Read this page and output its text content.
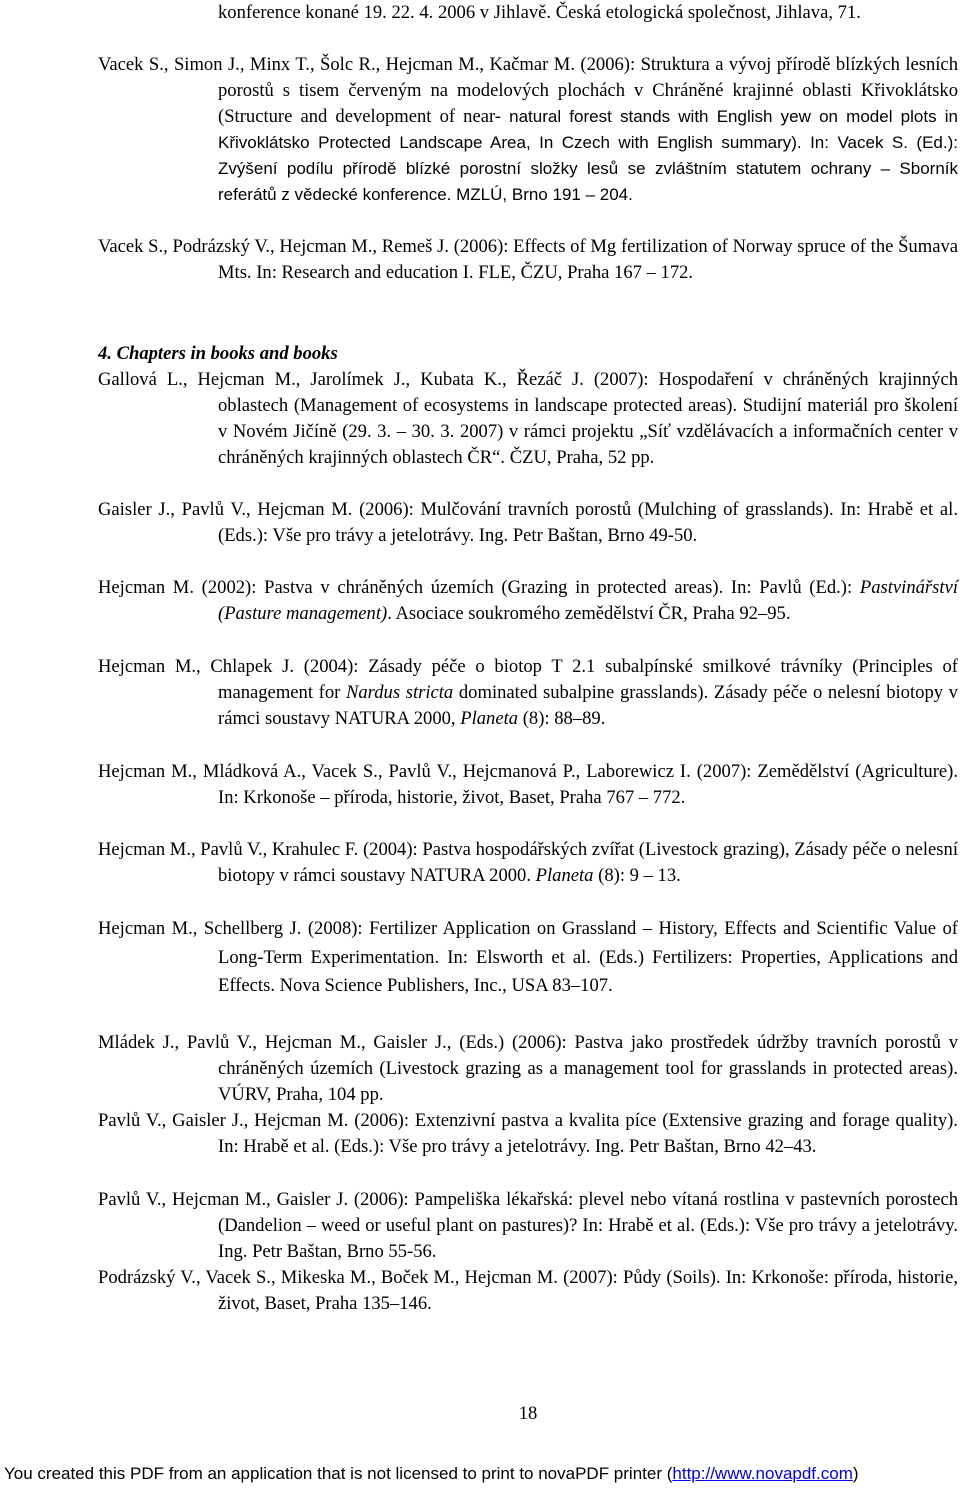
konference konané 19. 22. 4. 2006 v Jihlavě. Česká etologická společnost, Jihlava, 71.
Vacek S., Simon J., Minx T., Šolc R., Hejcman M., Kačmar M. (2006): Struktura a vývoj přírodě blízkých lesních porostů s tisem červeným na modelových plochách v Chráněné krajinné oblasti Křivoklátsko (Structure and development of near- natural forest stands with English yew on model plots in Křivoklátsko Protected Landscape Area, In Czech with English summary). In: Vacek S. (Ed.): Zvýšení podílu přírodě blízké porostní složky lesů se zvláštním statutem ochrany – Sborník referátů z vědecké konference. MZLÚ, Brno 191 – 204.
Vacek S., Podrázský V., Hejcman M., Remeš J. (2006): Effects of Mg fertilization of Norway spruce of the Šumava Mts. In: Research and education I. FLE, ČZU, Praha 167 – 172.
4. Chapters in books and books
Gallová L., Hejcman M., Jarolímek J., Kubata K., Řezáč J. (2007): Hospodaření v chráněných krajinných oblastech (Management of ecosystems in landscape protected areas). Studijní materiál pro školení v Novém Jičíně (29. 3. – 30. 3. 2007) v rámci projektu „Síť vzdělávacích a informačních center v chráněných krajinných oblastech ČR“. ČZU, Praha, 52 pp.
Gaisler J., Pavlů V., Hejcman M. (2006): Mulčování travních porostů (Mulching of grasslands). In: Hrabě et al. (Eds.): Vše pro trávy a jetelotrávy. Ing. Petr Baštan, Brno 49-50.
Hejcman M. (2002): Pastva v chráněných územích (Grazing in protected areas). In: Pavlů (Ed.): Pastvinářství (Pasture management). Asociace soukromého zemědělství ČR, Praha 92–95.
Hejcman M., Chlapek J. (2004): Zásady péče o biotop T 2.1 subalpínské smilkové trávníky (Principles of management for Nardus stricta dominated subalpine grasslands). Zásady péče o nelesní biotopy v rámci soustavy NATURA 2000, Planeta (8): 88–89.
Hejcman M., Mládková A., Vacek S., Pavlů V., Hejcmanová P., Laborewicz I. (2007): Zemědělství (Agriculture). In: Krkonoše – příroda, historie, život, Baset, Praha 767 – 772.
Hejcman M., Pavlů V., Krahulec F. (2004): Pastva hospodářských zvířat (Livestock grazing), Zásady péče o nelesní biotopy v rámci soustavy NATURA 2000. Planeta (8): 9 – 13.
Hejcman M., Schellberg J. (2008): Fertilizer Application on Grassland – History, Effects and Scientific Value of Long-Term Experimentation. In: Elsworth et al. (Eds.) Fertilizers: Properties, Applications and Effects. Nova Science Publishers, Inc., USA 83–107.
Mládek J., Pavlů V., Hejcman M., Gaisler J., (Eds.) (2006): Pastva jako prostředek údržby travních porostů v chráněných územích (Livestock grazing as a management tool for grasslands in protected areas). VÚRV, Praha, 104 pp.
Pavlů V., Gaisler J., Hejcman M. (2006): Extenzivní pastva a kvalita píce (Extensive grazing and forage quality). In: Hrabě et al. (Eds.): Vše pro trávy a jetelotrávy. Ing. Petr Baštan, Brno 42–43.
Pavlů V., Hejcman M., Gaisler J. (2006): Pampeliška lékařská: plevel nebo vítaná rostlina v pastevních porostech (Dandelion – weed or useful plant on pastures)? In: Hrabě et al. (Eds.): Vše pro trávy a jetelotrávy. Ing. Petr Baštan, Brno 55-56.
Podrázský V., Vacek S., Mikeska M., Boček M., Hejcman M. (2007): Půdy (Soils). In: Krkonoše: příroda, historie, život, Baset, Praha 135–146.
18
You created this PDF from an application that is not licensed to print to novaPDF printer (http://www.novapdf.com)
